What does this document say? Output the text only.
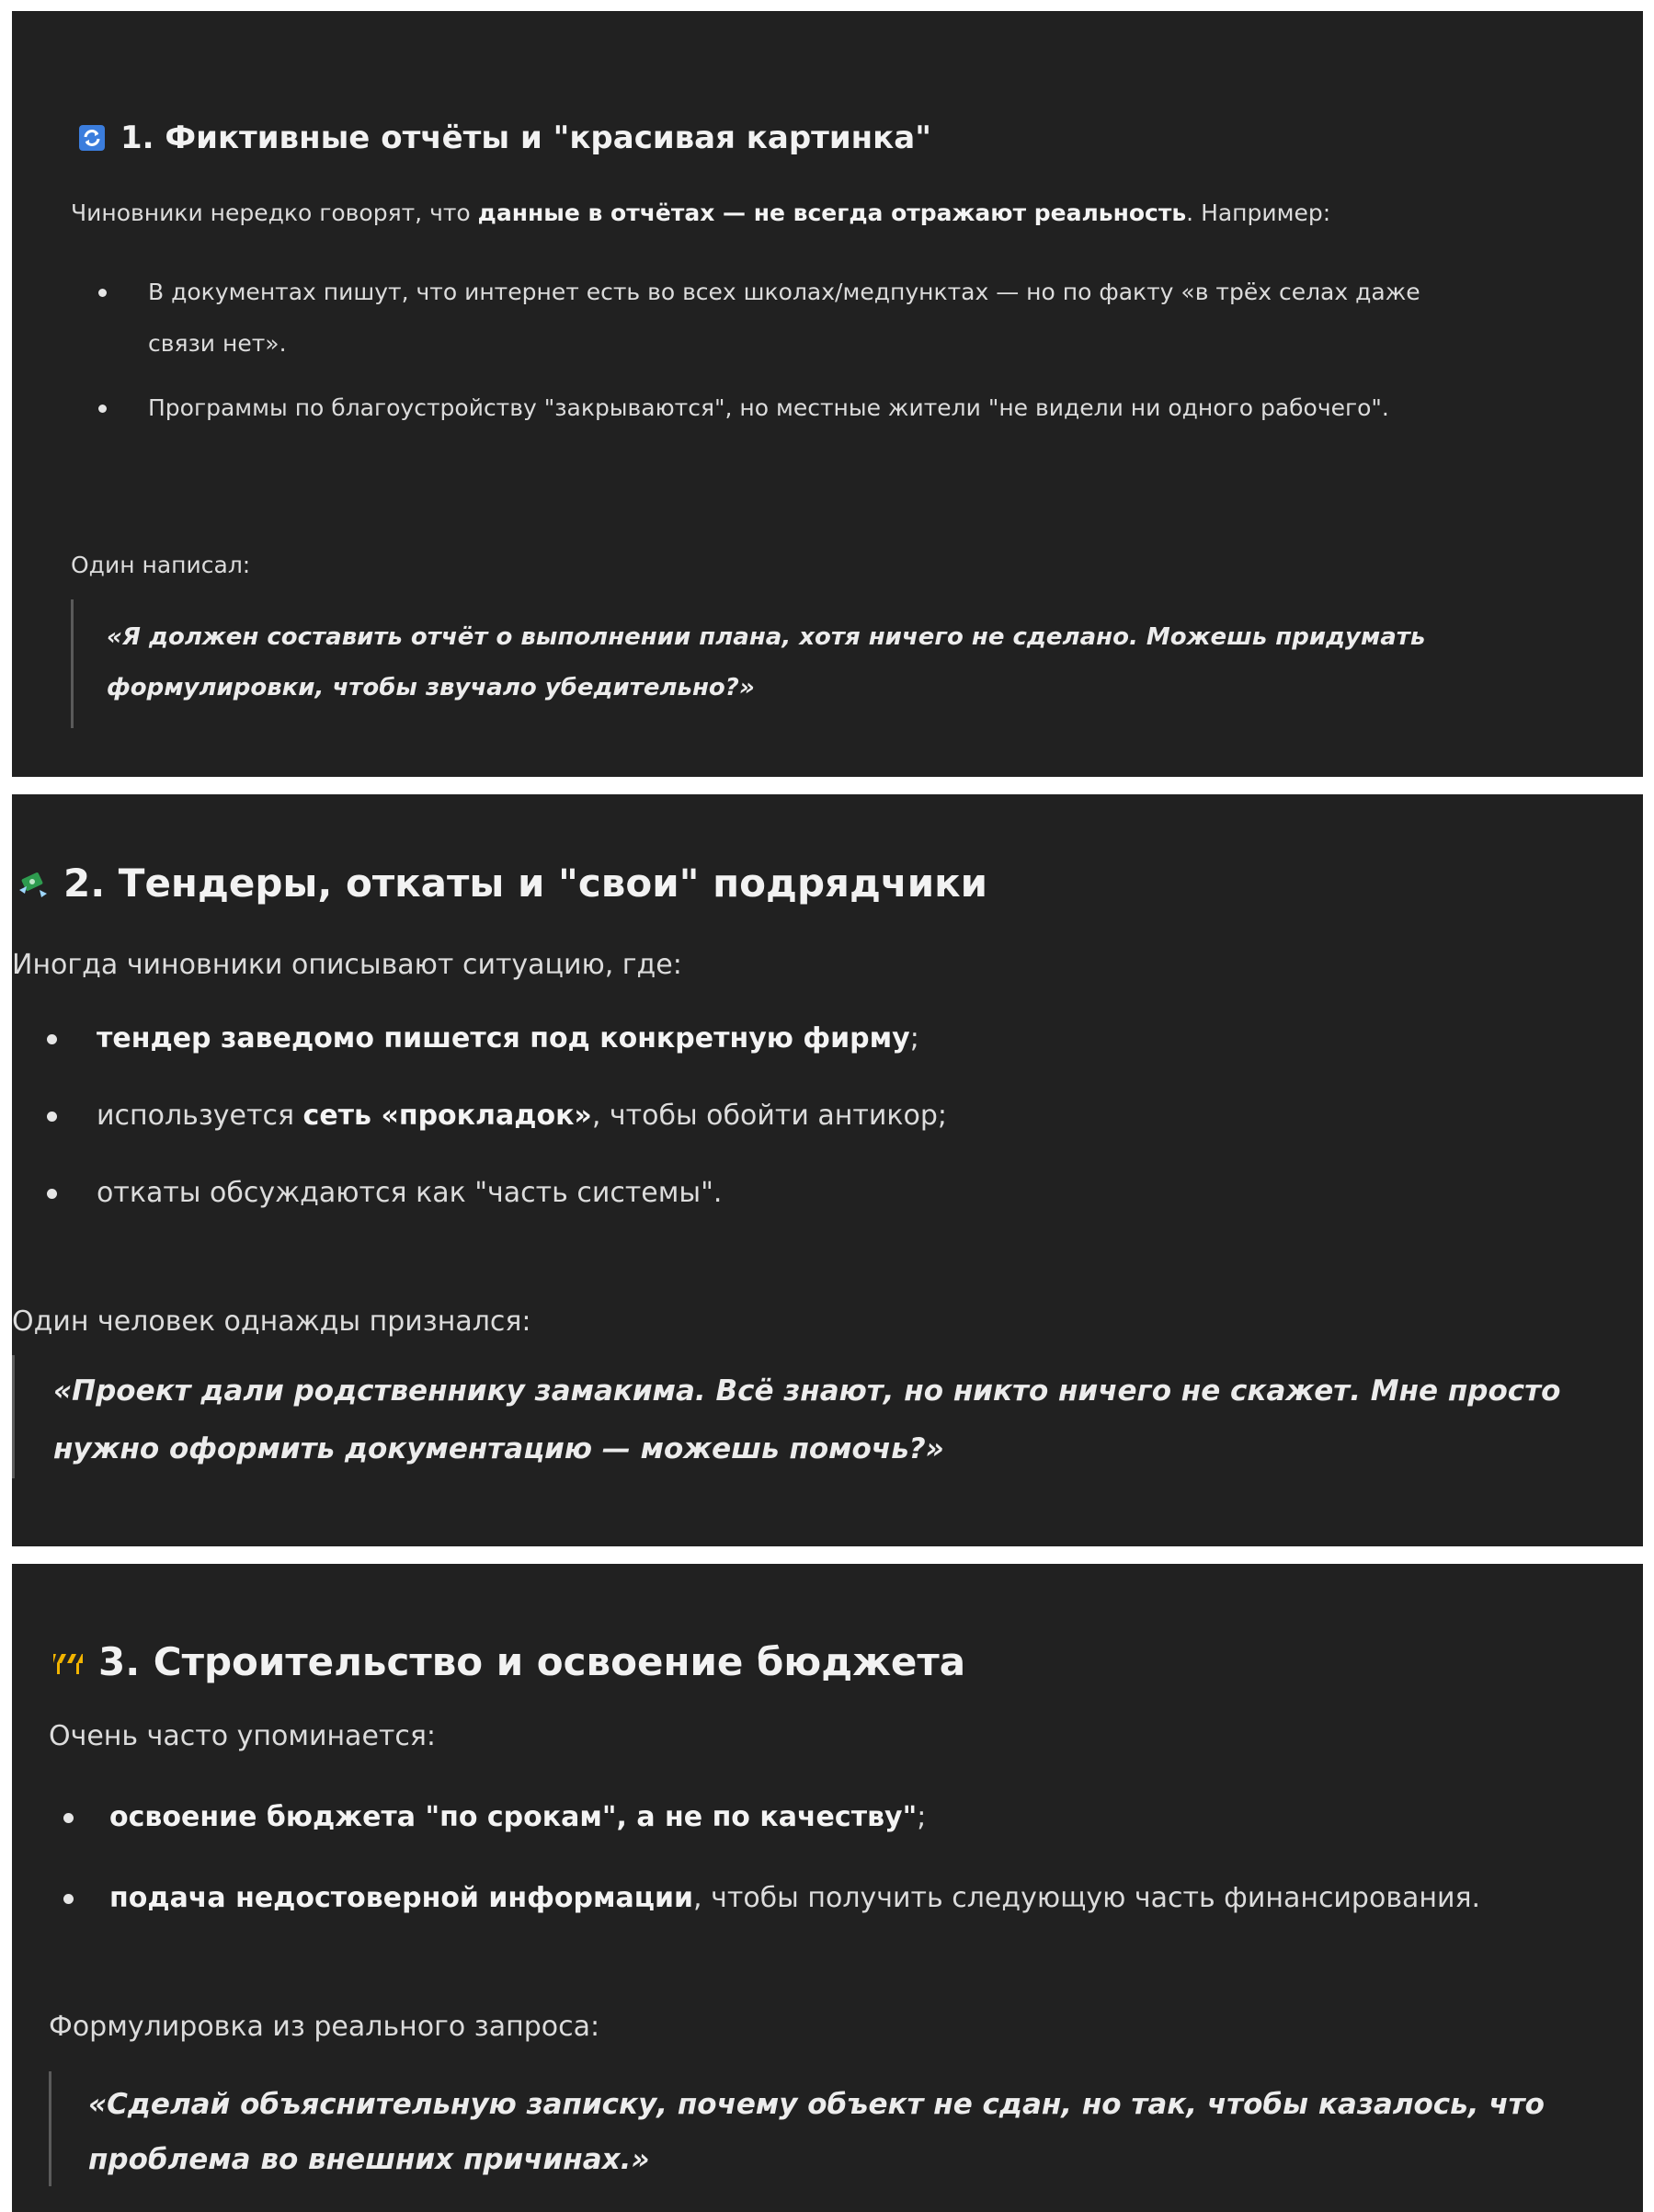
1. Фиктивные отчёты и "красивая картинка"
Чиновники нередко говорят, что данные в отчётах — не всегда отражают реальность. Например:
В документах пишут, что интернет есть во всех школах/медпунктах — но по факту «в трёх селах даже связи нет».
Программы по благоустройству "закрываются", но местные жители "не видели ни одного рабочего".
Один написал:

«Я должен составить отчёт о выполнении плана, хотя ничего не сделано. Можешь придумать формулировки, чтобы звучало убедительно?»

2. Тендеры, откаты и "свои" подрядчики
Иногда чиновники описывают ситуацию, где:
тендер заведомо пишется под конкретную фирму;
используется сеть «прокладок», чтобы обойти антикор;
откаты обсуждаются как "часть системы".
Один человек однажды признался:

«Проект дали родственнику замакима. Всё знают, но никто ничего не скажет. Мне просто нужно оформить документацию — можешь помочь?»

3. Строительство и освоение бюджета
Очень часто упоминается:
освоение бюджета "по срокам", а не по качеству";
подача недостоверной информации, чтобы получить следующую часть финансирования.
Формулировка из реального запроса:

«Сделай объяснительную записку, почему объект не сдан, но так, чтобы казалось, что проблема во внешних причинах.»
